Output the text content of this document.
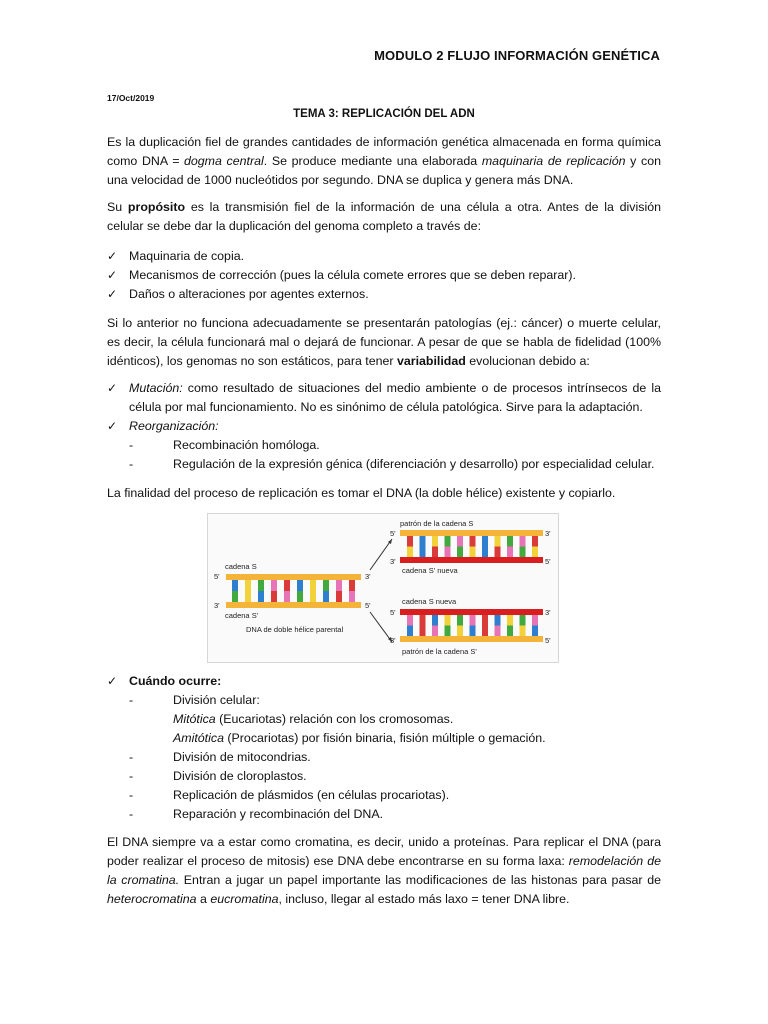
MODULO 2 FLUJO INFORMACIÓN GENÉTICA
17/Oct/2019
TEMA 3: REPLICACIÓN DEL ADN

Es la duplicación fiel de grandes cantidades de información genética almacenada en forma química como DNA = dogma central. Se produce mediante una elaborada maquinaria de replicación y con una velocidad de 1000 nucleótidos por segundo. DNA se duplica y genera más DNA.

Su propósito es la transmisión fiel de la información de una célula a otra. Antes de la división celular se debe dar la duplicación del genoma completo a través de:

✓ Maquinaria de copia.
✓ Mecanismos de corrección (pues la célula comete errores que se deben reparar).
✓ Daños o alteraciones por agentes externos.

Si lo anterior no funciona adecuadamente se presentarán patologías (ej.: cáncer) o muerte celular, es decir, la célula funcionará mal o dejará de funcionar. A pesar de que se habla de fidelidad (100% idénticos), los genomas no son estáticos, para tener variabilidad evolucionan debido a:

✓ Mutación: como resultado de situaciones del medio ambiente o de procesos intrínsecos de la célula por mal funcionamiento. No es sinónimo de célula patológica. Sirve para la adaptación.
✓ Reorganización:
-	Recombinación homóloga.
-	Regulación de la expresión génica (diferenciación y desarrollo) por especialidad celular.

La finalidad del proceso de replicación es tomar el DNA (la doble hélice) existente y copiarlo.

cadena S
5'	3'
3'	5'
cadena S'
DNA de doble hélice parental
patrón de la cadena S
5'	3'
3'	5'
cadena S' nueva
cadena S nueva
5'	3'
3'	5'
patrón de la cadena S'
✓ Cuándo ocurre:
-	División celular:
Mitótica (Eucariotas) relación con los cromosomas.
Amitótica (Procariotas) por fisión binaria, fisión múltiple o gemación.
-	División de mitocondrias.
-	División de cloroplastos.
-	Replicación de plásmidos (en células procariotas).
-	Reparación y recombinación del DNA.

El DNA siempre va a estar como cromatina, es decir, unido a proteínas. Para replicar el DNA (para poder realizar el proceso de mitosis) ese DNA debe encontrarse en su forma laxa: remodelación de la cromatina. Entran a jugar un papel importante las modificaciones de las histonas para pasar de heterocromatina a eucromatina, incluso, llegar al estado más laxo = tener DNA libre.
